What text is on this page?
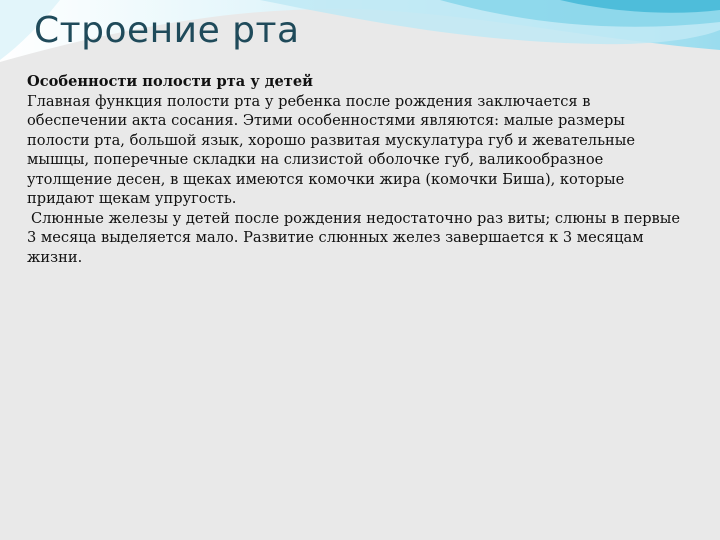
Строение рта

Особенности полости рта у детей

Главная функция полости рта у ребенка после рождения заключается в обеспечении акта сосания. Этими особенностями являются: малые размеры полости рта, большой язык, хорошо развитая мускулатура губ и жевательные мышцы, поперечные складки на слизистой оболочке губ, валикообразное утолщение десен, в щеках имеются комочки жира (комочки Биша), которые придают щекам упругость.

Слюнные железы у детей после рождения недостаточно раз виты; слюны в первые 3 месяца выделяется мало. Развитие слюнных желез завершается к 3 месяцам жизни.
